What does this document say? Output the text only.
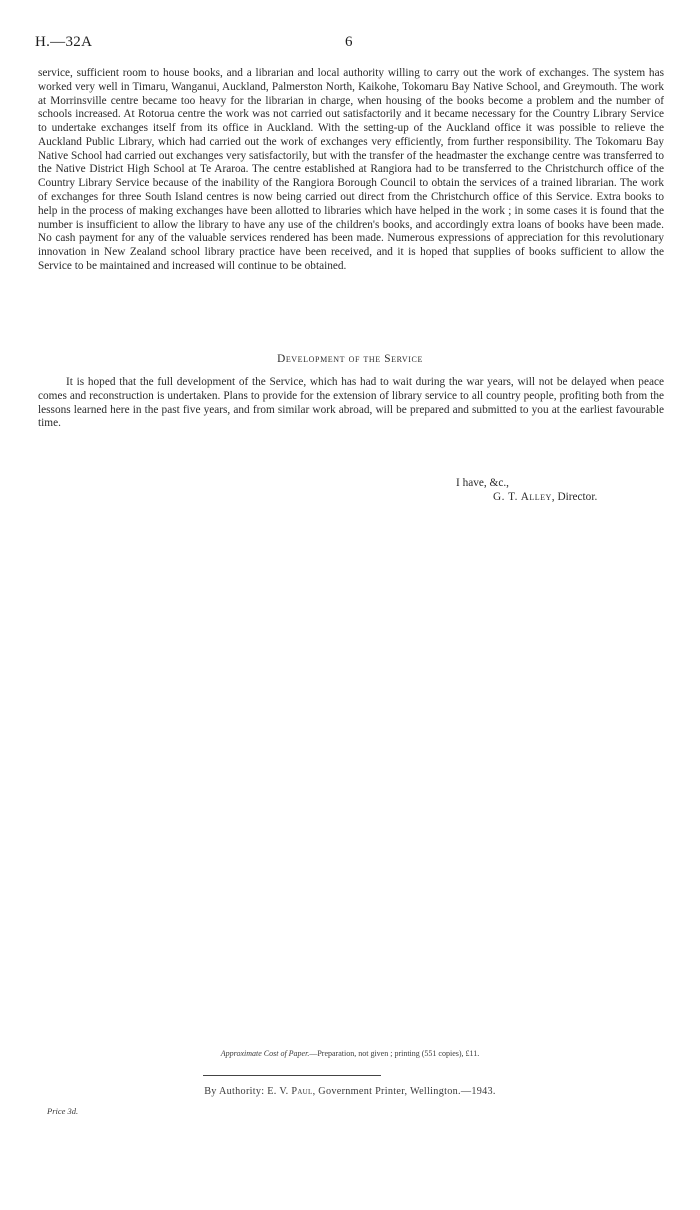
H.—32A	6

service, sufficient room to house books, and a librarian and local authority willing to carry out the work of exchanges. The system has worked very well in Timaru, Wanganui, Auckland, Palmerston North, Kaikohe, Tokomaru Bay Native School, and Greymouth. The work at Morrinsville centre became too heavy for the librarian in charge, when housing of the books become a problem and the number of schools increased. At Rotorua centre the work was not carried out satisfactorily and it became necessary for the Country Library Service to undertake exchanges itself from its office in Auckland. With the setting-up of the Auckland office it was possible to relieve the Auckland Public Library, which had carried out the work of exchanges very efficiently, from further responsibility. The Tokomaru Bay Native School had carried out exchanges very satisfactorily, but with the transfer of the headmaster the exchange centre was transferred to the Native District High School at Te Araroa. The centre established at Rangiora had to be transferred to the Christchurch office of the Country Library Service because of the inability of the Rangiora Borough Council to obtain the services of a trained librarian. The work of exchanges for three South Island centres is now being carried out direct from the Christchurch office of this Service. Extra books to help in the process of making exchanges have been allotted to libraries which have helped in the work ; in some cases it is found that the number is insufficient to allow the library to have any use of the children's books, and accordingly extra loans of books have been made. No cash payment for any of the valuable services rendered has been made. Numerous expressions of appreciation for this revolutionary innovation in New Zealand school library practice have been received, and it is hoped that supplies of books sufficient to allow the Service to be maintained and increased will continue to be obtained.

Development of the Service

It is hoped that the full development of the Service, which has had to wait during the war years, will not be delayed when peace comes and reconstruction is undertaken. Plans to provide for the extension of library service to all country people, profiting both from the lessons learned here in the past five years, and from similar work abroad, will be prepared and submitted to you at the earliest favourable time.

I have, &c.,
G. T. Alley, Director.
Approximate Cost of Paper.—Preparation, not given ; printing (551 copies), £11.
By Authority: E. V. Paul, Government Printer, Wellington.—1943.
Price 3d.
